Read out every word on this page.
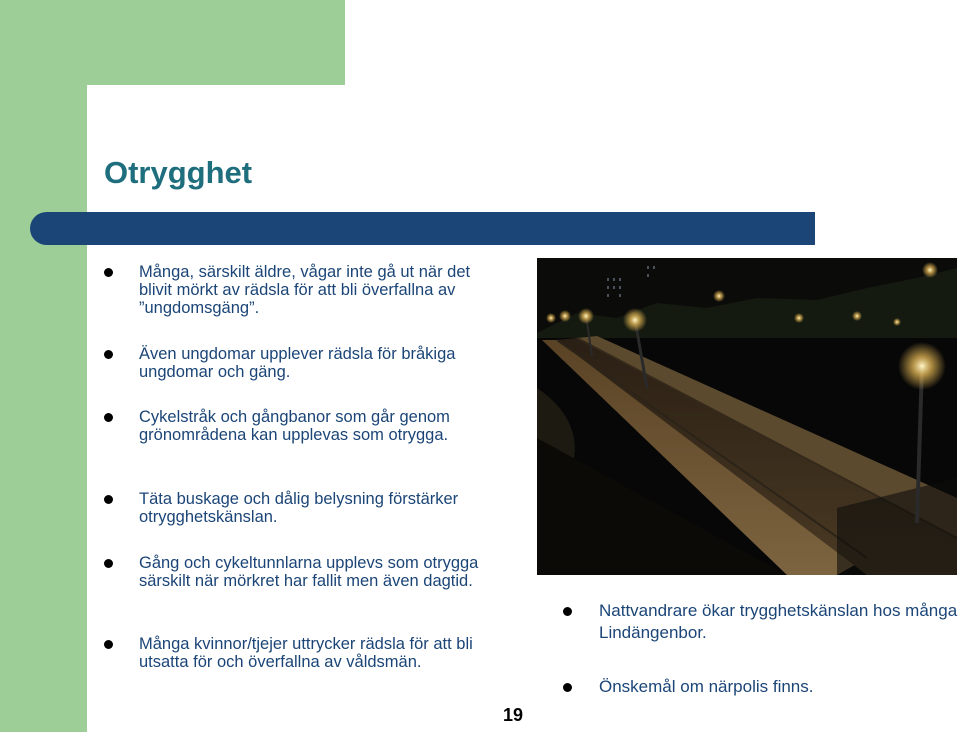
Otrygghet
Många, särskilt äldre, vågar inte gå ut när det blivit mörkt av rädsla för att bli överfallna av ”ungdomsgäng”.
Även ungdomar upplever rädsla för bråkiga ungdomar och gäng.
Cykelstråk och gångbanor som går genom grönområdena kan upplevas som otrygga.
Täta buskage och dålig belysning förstärker otrygghetskänslan.
Gång och cykeltunnlarna upplevs som otrygga särskilt när mörkret har fallit men även dagtid.
Många kvinnor/tjejer uttrycker rädsla för att bli utsatta för och överfallna av våldsmän.
Nattvandrare ökar trygghetskänslan hos många Lindängenbor.
Önskemål om närpolis finns.
19
